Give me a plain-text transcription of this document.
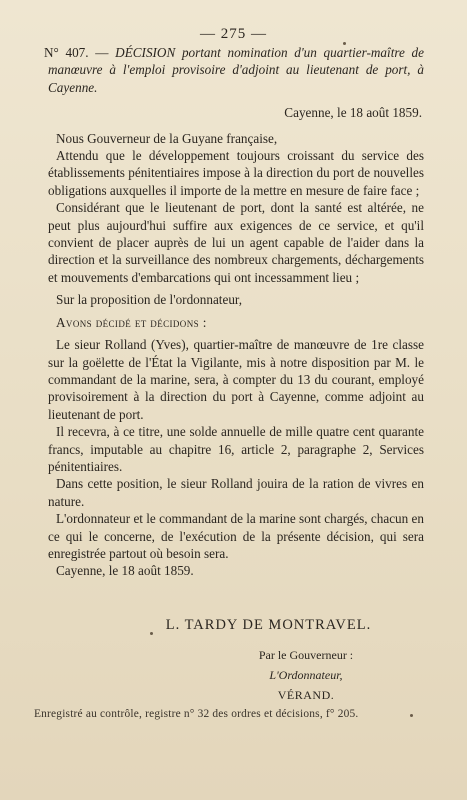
— 275 —

N° 407. — DÉCISION portant nomination d'un quartier-maître de manœuvre à l'emploi provisoire d'adjoint au lieutenant de port, à Cayenne.

Cayenne, le 18 août 1859.

Nous Gouverneur de la Guyane française,

Attendu que le développement toujours croissant du service des établissements pénitentiaires impose à la direction du port de nouvelles obligations auxquelles il importe de la mettre en mesure de faire face ;

Considérant que le lieutenant de port, dont la santé est altérée, ne peut plus aujourd'hui suffire aux exigences de ce service, et qu'il convient de placer auprès de lui un agent capable de l'aider dans la direction et la surveillance des nombreux chargements, déchargements et mouvements d'embarcations qui ont incessamment lieu ;

Sur la proposition de l'ordonnateur,

Avons décidé et décidons :

Le sieur Rolland (Yves), quartier-maître de manœuvre de 1re classe sur la goëlette de l'État la Vigilante, mis à notre disposition par M. le commandant de la marine, sera, à compter du 13 du courant, employé provisoirement à la direction du port à Cayenne, comme adjoint au lieutenant de port.

Il recevra, à ce titre, une solde annuelle de mille quatre cent quarante francs, imputable au chapitre 16, article 2, paragraphe 2, Services pénitentiaires.

Dans cette position, le sieur Rolland jouira de la ration de vivres en nature.

L'ordonnateur et le commandant de la marine sont chargés, chacun en ce qui le concerne, de l'exécution de la présente décision, qui sera enregistrée partout où besoin sera.

Cayenne, le 18 août 1859.

L. TARDY DE MONTRAVEL.
Par le Gouverneur :
L'Ordonnateur,
VÉRAND.
Enregistré au contrôle, registre n° 32 des ordres et décisions, f° 205.
